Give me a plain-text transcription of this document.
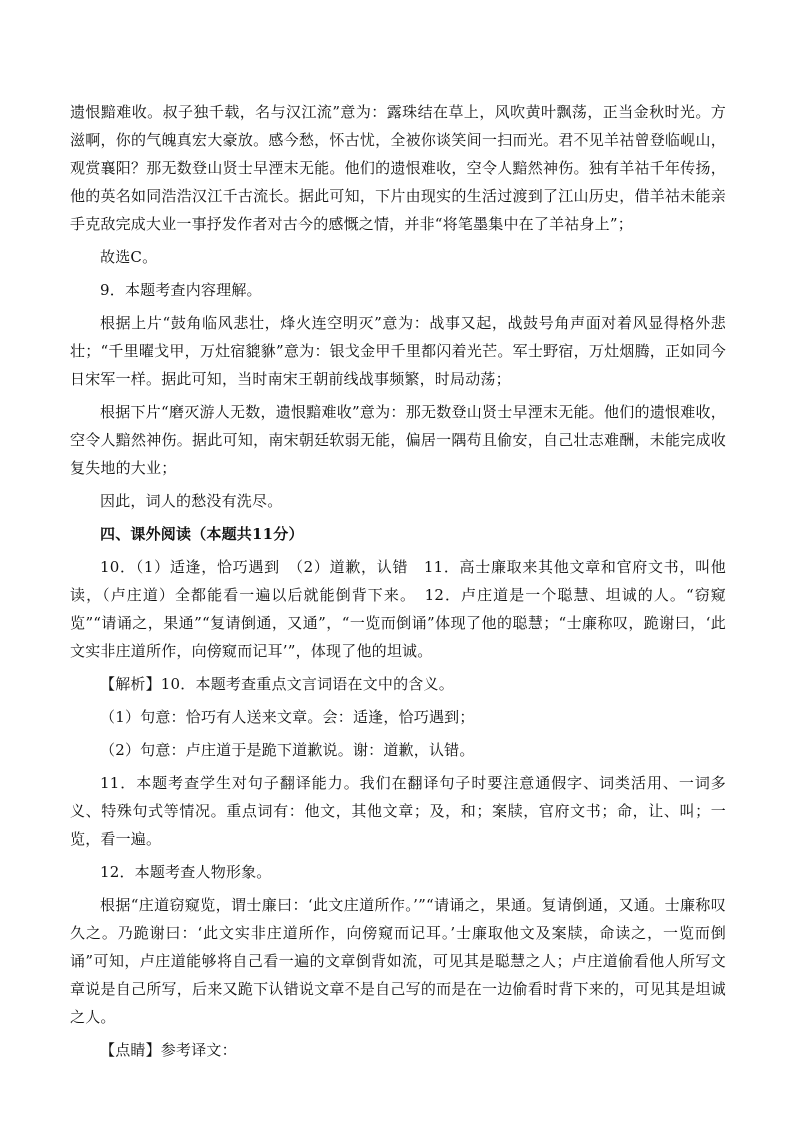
遗恨黯难收。叔子独千载，名与汉江流”意为：露珠结在草上，风吹黄叶飘荡，正当金秋时光。方滋啊，你的气魄真宏大豪放。感今愁，怀古忧，全被你谈笑间一扫而光。君不见羊祜曾登临岘山，观赏襄阳？那无数登山贤士早湮末无能。他们的遗恨难收，空令人黯然神伤。独有羊祜千年传扬，他的英名如同浩浩汉江千古流长。据此可知，下片由现实的生活过渡到了江山历史，借羊祜未能亲手克敌完成大业一事抒发作者对古今的感慨之情，并非“将笔墨集中在了羊祜身上”；

故选C。

9．本题考查内容理解。

根据上片“鼓角临风悲壮，烽火连空明灭”意为：战事又起，战鼓号角声面对着风显得格外悲壮；“千里曜戈甲，万灶宿貔貅”意为：银戈金甲千里都闪着光芒。军士野宿，万灶烟腾，正如同今日宋军一样。据此可知，当时南宋王朝前线战事频繁，时局动荡；

根据下片“磨灭游人无数，遗恨黯难收”意为：那无数登山贤士早湮末无能。他们的遗恨难收，空令人黯然神伤。据此可知，南宋朝廷软弱无能，偏居一隅苟且偷安，自己壮志难酬，未能完成收复失地的大业；

因此，词人的愁没有洗尽。

四、课外阅读（本题共11分）

10．（1）适逢，恰巧遇到　（2）道歉，认错　11．高士廉取来其他文章和官府文书，叫他读，（卢庄道）全都能看一遍以后就能倒背下来。　12．卢庄道是一个聪慧、坦诚的人。“窃窥览”“请诵之，果通”“复请倒通，又通”，“一览而倒诵”体现了他的聪慧；“士廉称叹，跪谢曰，‘此文实非庄道所作，向傍窥而记耳’”，体现了他的坦诚。

【解析】10．本题考查重点文言词语在文中的含义。

（1）句意：恰巧有人送来文章。会：适逢，恰巧遇到；

（2）句意：卢庄道于是跪下道歉说。谢：道歉，认错。

11．本题考查学生对句子翻译能力。我们在翻译句子时要注意通假字、词类活用、一词多义、特殊句式等情况。重点词有：他文，其他文章；及，和；案牍，官府文书；命，让、叫；一览，看一遍。

12．本题考查人物形象。

根据“庄道窃窥览，谓士廉曰：‘此文庄道所作。’”“请诵之，果通。复请倒通，又通。士廉称叹久之。乃跪谢曰：‘此文实非庄道所作，向傍窥而记耳。’士廉取他文及案牍，命读之，一览而倒诵”可知，卢庄道能够将自己看一遍的文章倒背如流，可见其是聪慧之人；卢庄道偷看他人所写文章说是自己所写，后来又跪下认错说文章不是自己写的而是在一边偷看时背下来的，可见其是坦诚之人。

【点睛】参考译文：
